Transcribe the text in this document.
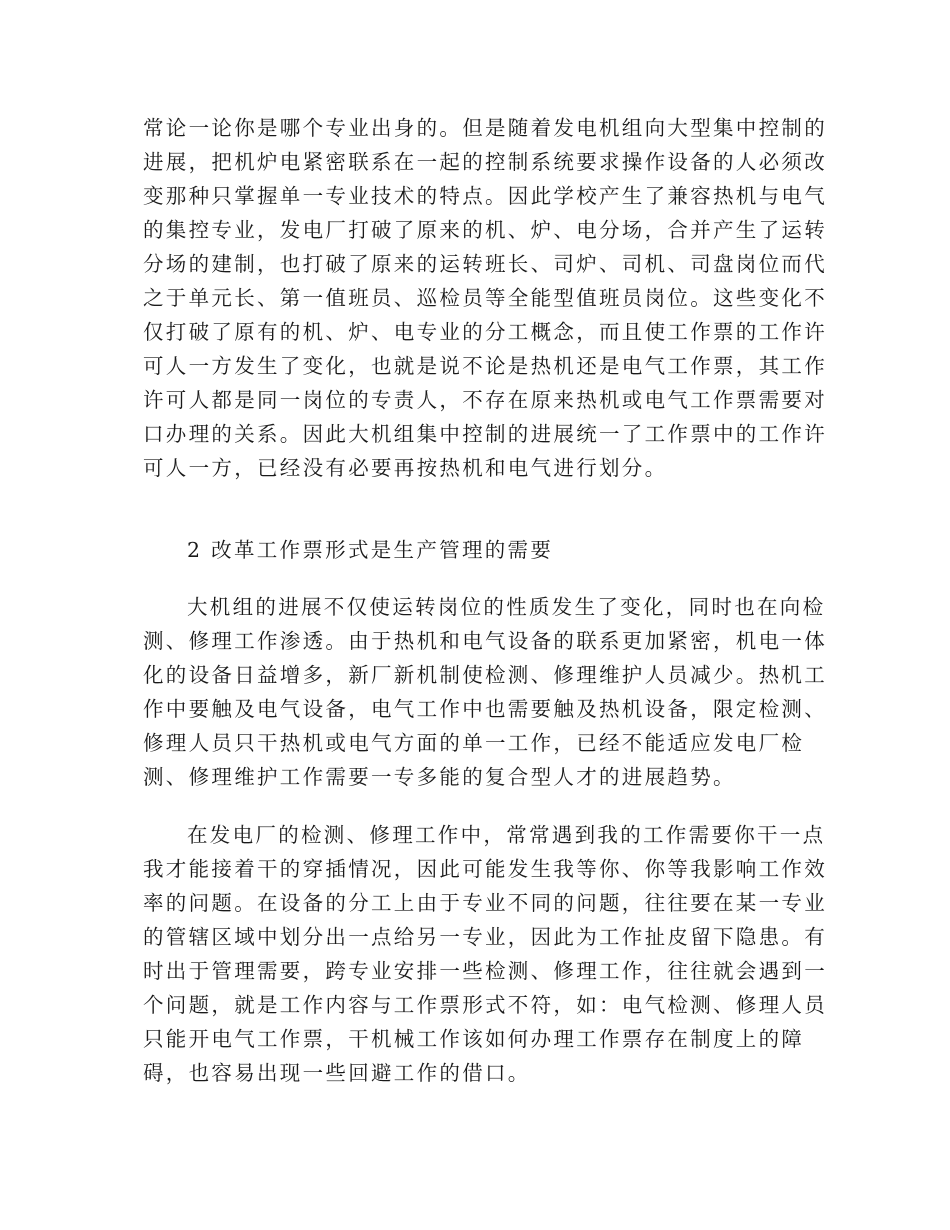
常论一论你是哪个专业出身的。但是随着发电机组向大型集中控制的
进展，把机炉电紧密联系在一起的控制系统要求操作设备的人必须改
变那种只掌握单一专业技术的特点。因此学校产生了兼容热机与电气
的集控专业，发电厂打破了原来的机、炉、电分场，合并产生了运转
分场的建制，也打破了原来的运转班长、司炉、司机、司盘岗位而代
之于单元长、第一值班员、巡检员等全能型值班员岗位。这些变化不
仅打破了原有的机、炉、电专业的分工概念，而且使工作票的工作许
可人一方发生了变化，也就是说不论是热机还是电气工作票，其工作
许可人都是同一岗位的专责人，不存在原来热机或电气工作票需要对
口办理的关系。因此大机组集中控制的进展统一了工作票中的工作许
可人一方，已经没有必要再按热机和电气进行划分。
2 改革工作票形式是生产管理的需要
大机组的进展不仅使运转岗位的性质发生了变化，同时也在向检
测、修理工作渗透。由于热机和电气设备的联系更加紧密，机电一体
化的设备日益增多，新厂新机制使检测、修理维护人员减少。热机工
作中要触及电气设备，电气工作中也需要触及热机设备，限定检测、
修理人员只干热机或电气方面的单一工作，已经不能适应发电厂检
测、修理维护工作需要一专多能的复合型人才的进展趋势。
在发电厂的检测、修理工作中，常常遇到我的工作需要你干一点
我才能接着干的穿插情况，因此可能发生我等你、你等我影响工作效
率的问题。在设备的分工上由于专业不同的问题，往往要在某一专业
的管辖区域中划分出一点给另一专业，因此为工作扯皮留下隐患。有
时出于管理需要，跨专业安排一些检测、修理工作，往往就会遇到一
个问题，就是工作内容与工作票形式不符，如：电气检测、修理人员
只能开电气工作票，干机械工作该如何办理工作票存在制度上的障
碍，也容易出现一些回避工作的借口。
